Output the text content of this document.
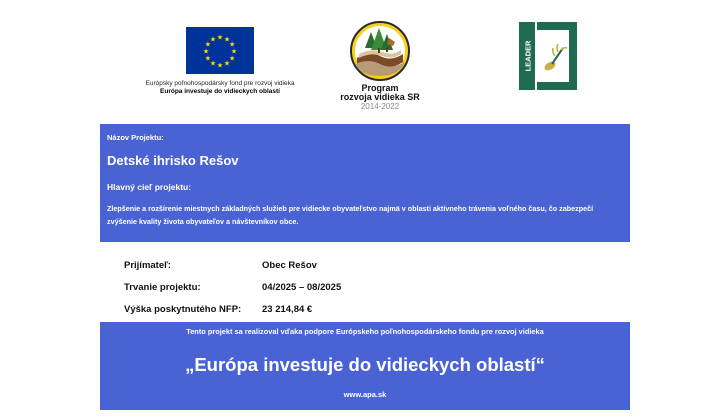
★ ★
★
★
★
★
★
★
★
★
★
★
Európsky poľnohospodársky fond pre rozvoj vidieka
Európa investuje do vidieckych oblastí	Program
rozvoja vidieka SR
2014-2022
LEADER
Názov Projektu:
Detské ihrisko Rešov
Hlavný cieľ projektu:
Zlepšenie a rozšírenie miestnych základných služieb pre vidiecke obyvateľstvo najmä v oblasti aktívneho trávenia voľného času, čo zabezpečí zvýšenie kvality života obyvateľov a návštevníkov obce.
Prijímateľ:	Obec Rešov
Trvanie projektu:	04/2025 – 08/2025
Výška poskytnutého NFP: 23 214,84 €
Tento projekt sa realizoval vďaka podpore Európskeho poľnohospodárskeho fondu pre rozvoj vidieka
„Európa investuje do vidieckych oblastí“
www.apa.sk
